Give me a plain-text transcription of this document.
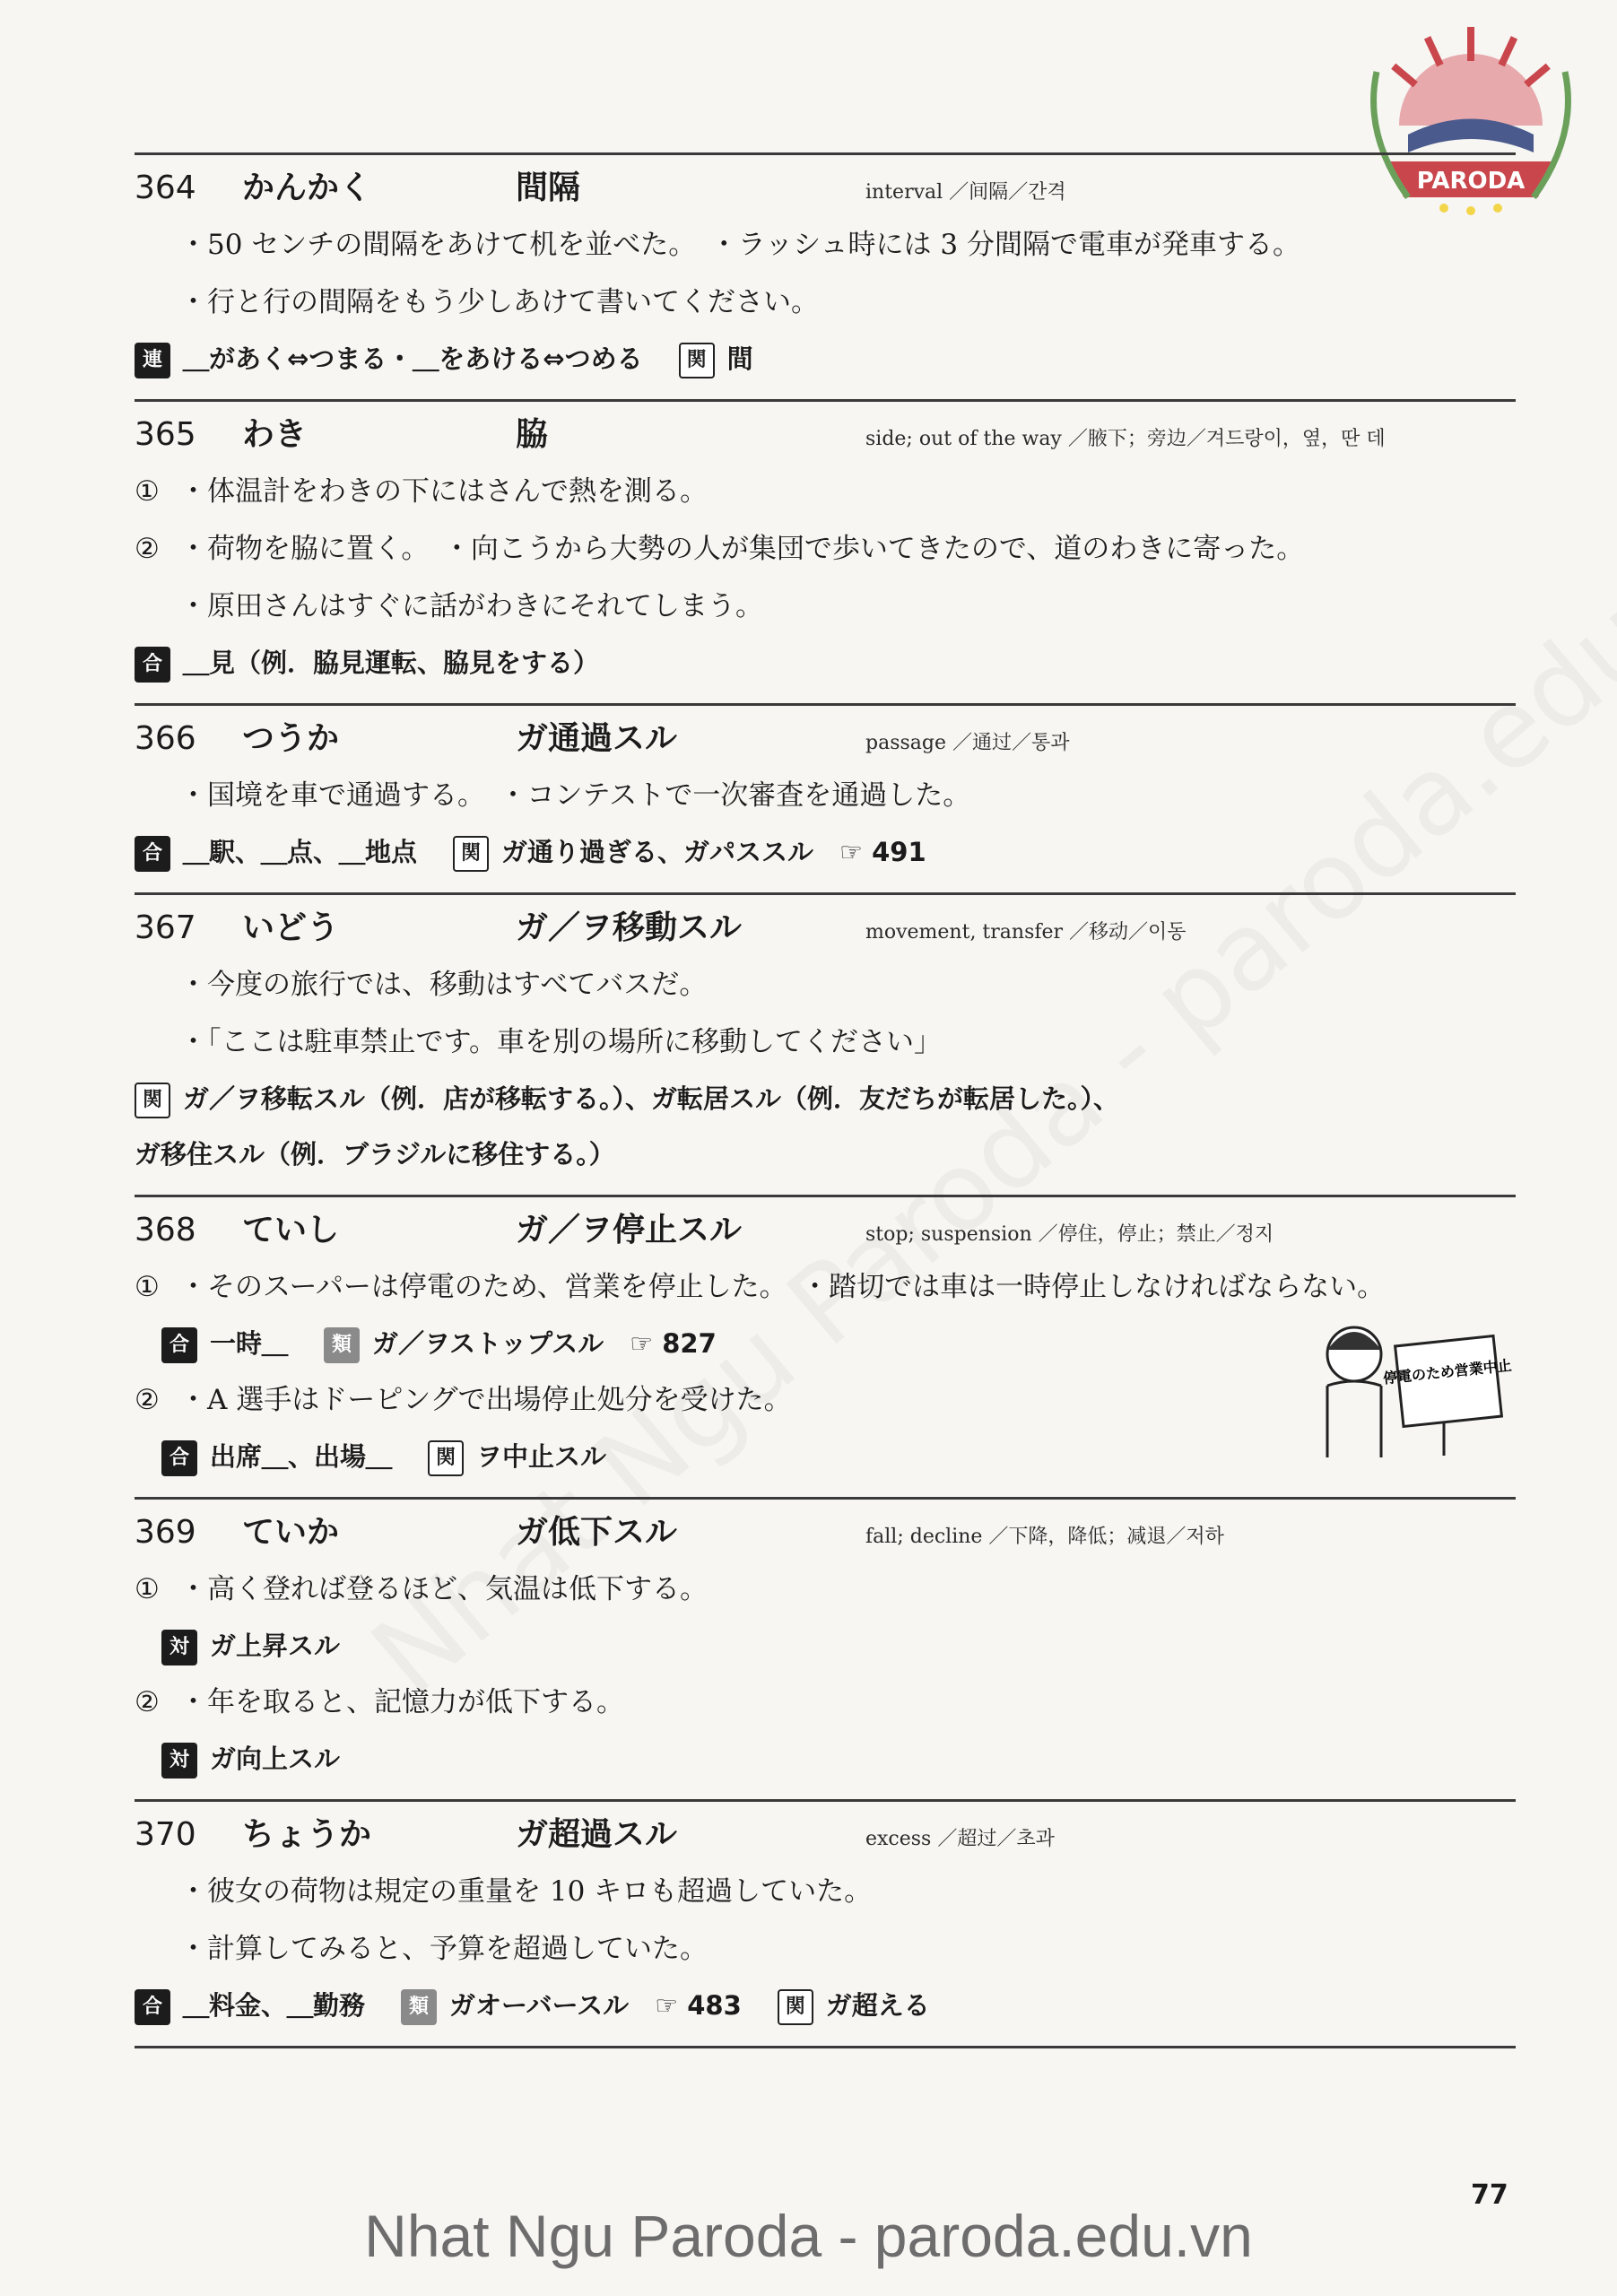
PARODA
364	かんかく	間隔	interval ／间隔／간격
・50 センチの間隔をあけて机を並べた。　・ラッシュ時には 3 分間隔で電車が発車する。
・行と行の間隔をもう少しあけて書いてください。
連 ＿があく⇔つまる・＿をあける⇔つめる 関 間
365	わき	脇	side; out of the way ／腋下；旁边／겨드랑이，옆，딴 데
① ・体温計をわきの下にはさんで熱を測る。
② ・荷物を脇に置く。　・向こうから大勢の人が集団で歩いてきたので、道のわきに寄った。
・原田さんはすぐに話がわきにそれてしまう。
合 ＿見（例．脇見運転、脇見をする）
366	つうか	ガ通過スル	passage ／通过／통과
・国境を車で通過する。　・コンテストで一次審査を通過した。
合 ＿駅、＿点、＿地点 関 ガ通り過ぎる、ガパススル　☞ 491
367	いどう	ガ／ヲ移動スル	movement, transfer ／移动／이동
・今度の旅行では、移動はすべてバスだ。
・「ここは駐車禁止です。車を別の場所に移動してください」
関 ガ／ヲ移転スル（例．店が移転する。）、ガ転居スル（例．友だちが転居した。）、
ガ移住スル（例．ブラジルに移住する。）
368	ていし	ガ／ヲ停止スル	stop; suspension ／停住，停止；禁止／정지
① ・そのスーパーは停電のため、営業を停止した。　・踏切では車は一時停止しなければならない。
合 一時＿ 類 ガ／ヲストップスル　☞ 827
② ・A 選手はドーピングで出場停止処分を受けた。
合 出席＿、出場＿ 関 ヲ中止スル
停電のため営業中止
369	ていか	ガ低下スル	fall; decline ／下降，降低；减退／저하
① ・高く登れば登るほど、気温は低下する。
対 ガ上昇スル
② ・年を取ると、記憶力が低下する。
対 ガ向上スル
370	ちょうか	ガ超過スル	excess ／超过／초과
・彼女の荷物は規定の重量を 10 キロも超過していた。
・計算してみると、予算を超過していた。
合 ＿料金、＿勤務 類 ガオーバースル　☞ 483 関 ガ超える
77
Nhat Ngu Paroda - paroda.edu.vn
